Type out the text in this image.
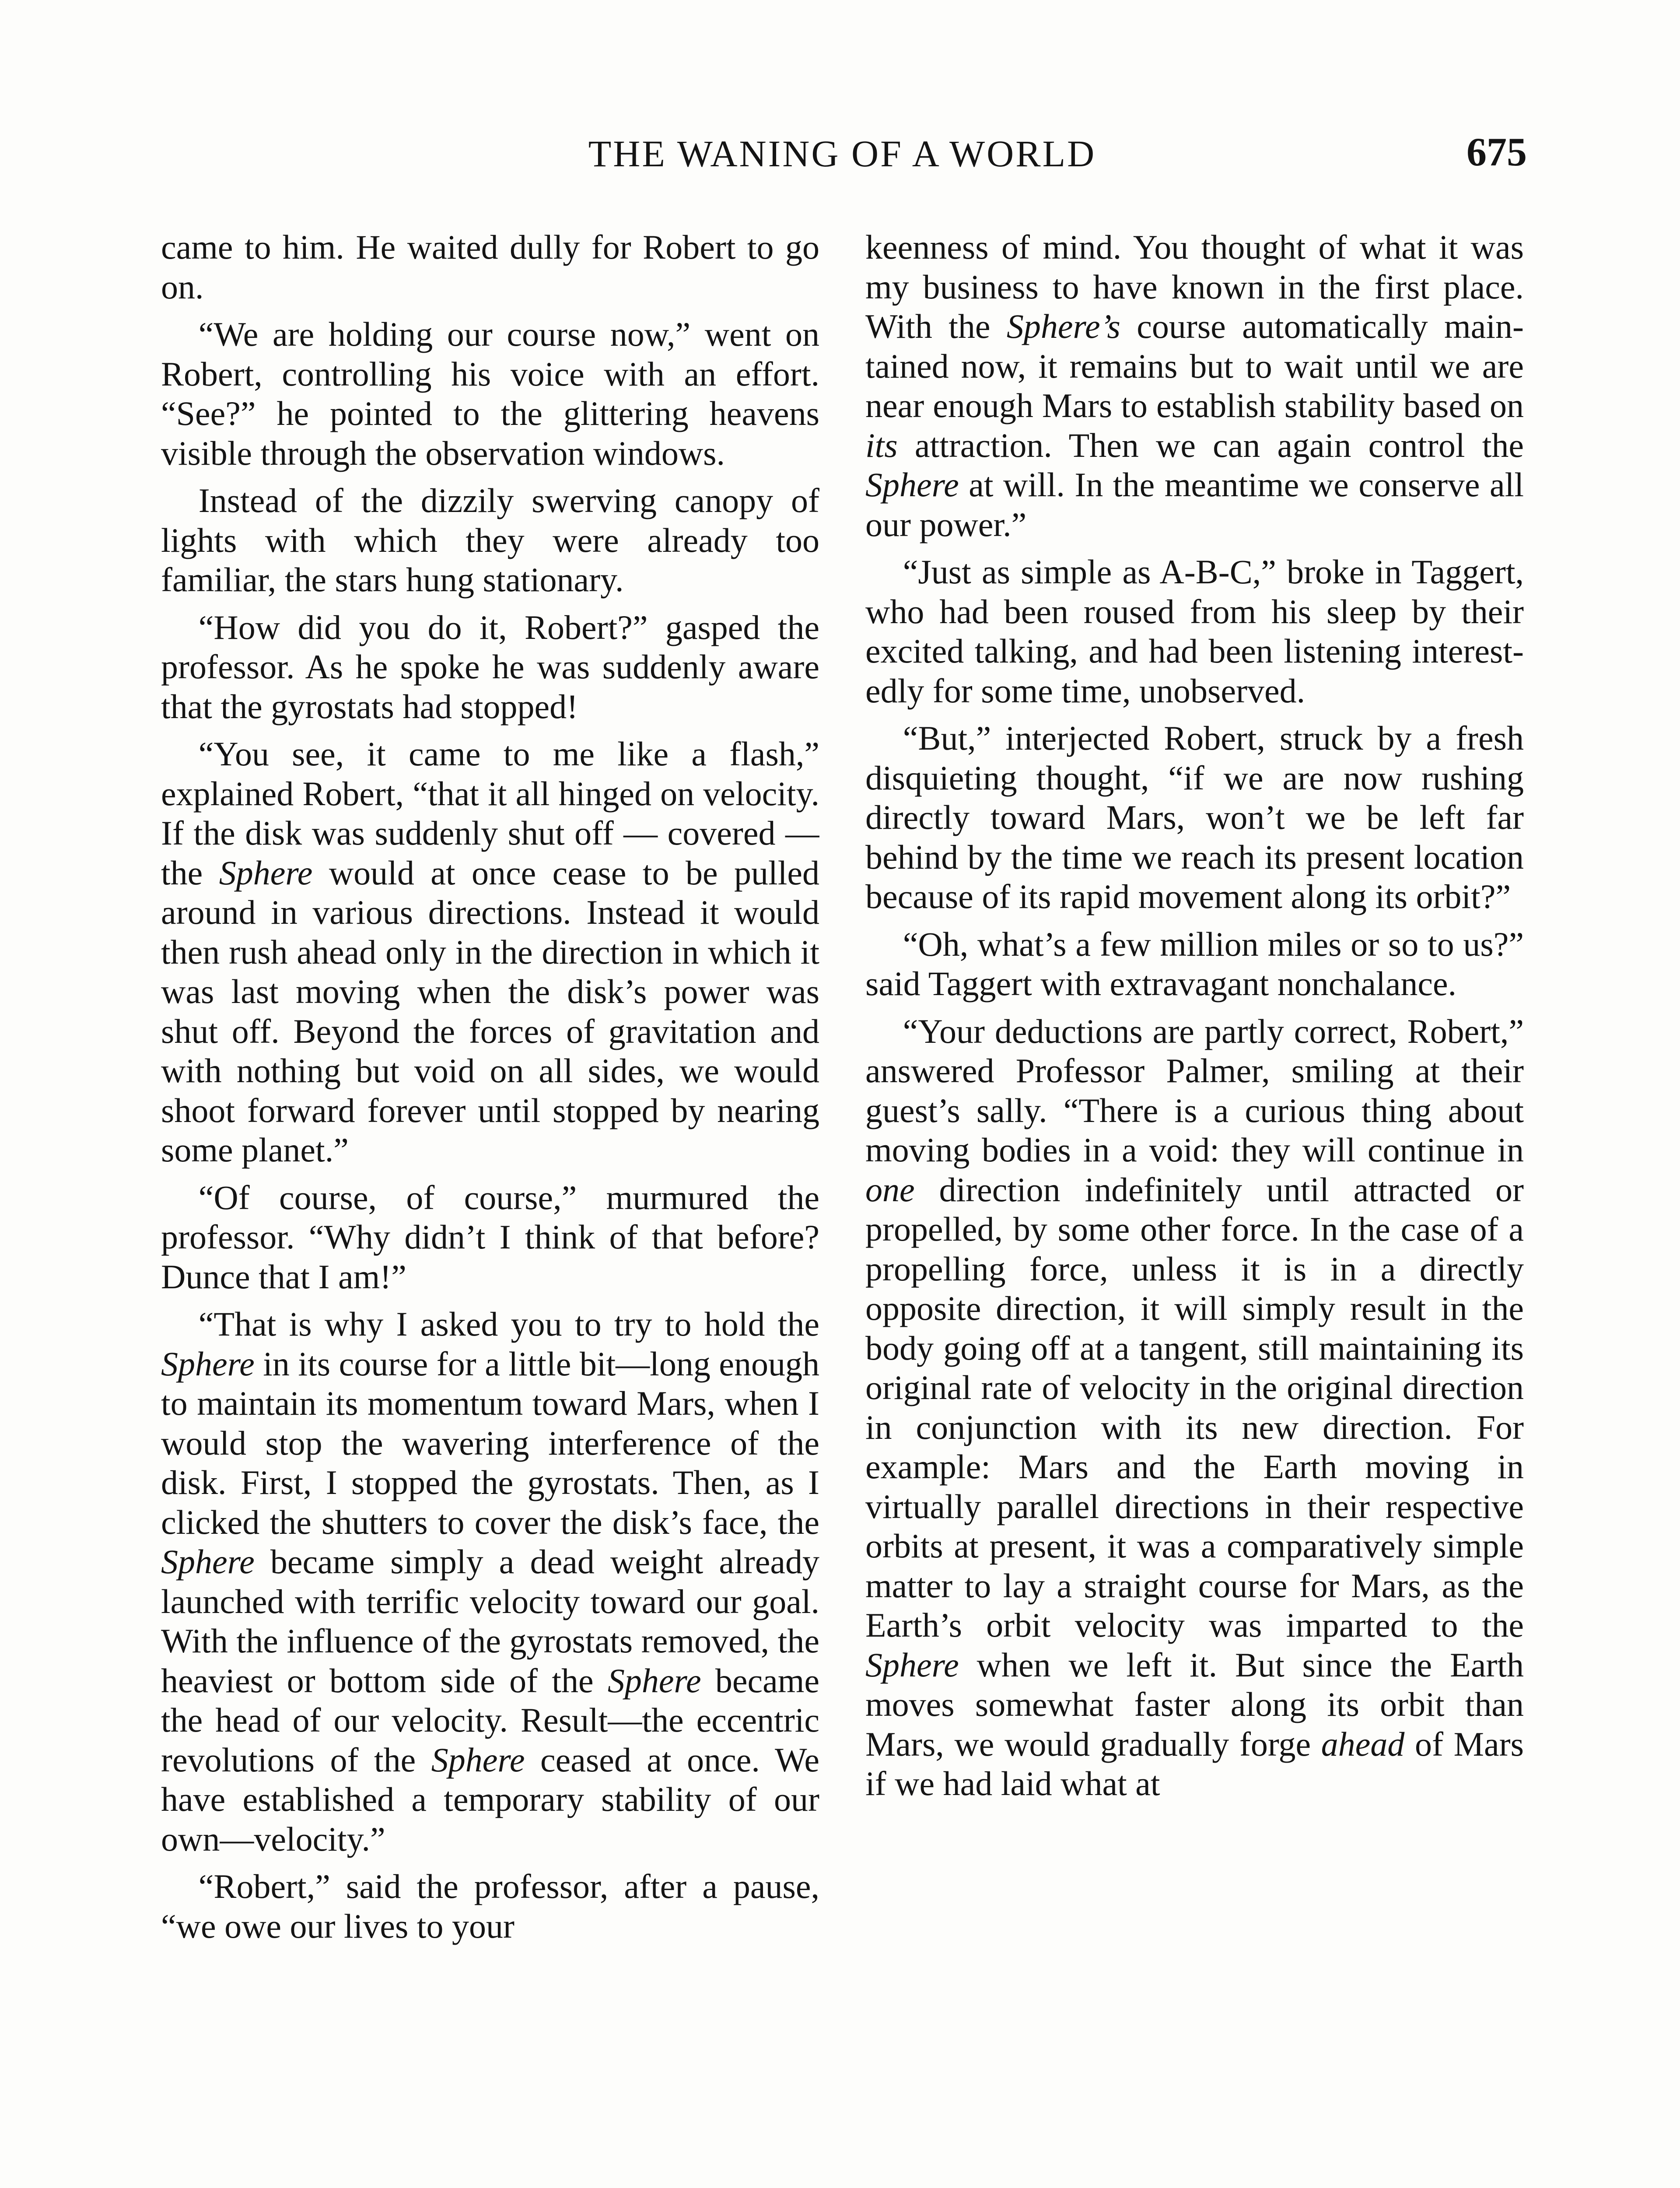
THE WANING OF A WORLD	675

came to him. He waited dully for Robert to go on.

“We are holding our course now,” went on Robert, controlling his voice with an effort. “See?” he pointed to the glittering heavens visible through the observation windows.

Instead of the dizzily swerving canopy of lights with which they were already too familiar, the stars hung stationary.

“How did you do it, Robert?” gasped the professor. As he spoke he was suddenly aware that the gyrostats had stopped!

“You see, it came to me like a flash,” explained Robert, “that it all hinged on velocity. If the disk was suddenly shut off — covered — the Sphere would at once cease to be pulled around in various directions. Instead it would then rush ahead only in the direction in which it was last moving when the disk’s power was shut off. Beyond the forces of gravitation and with nothing but void on all sides, we would shoot forward forever until stopped by nearing some planet.”

“Of course, of course,” murmured the professor. “Why didn’t I think of that before? Dunce that I am!”

“That is why I asked you to try to hold the Sphere in its course for a little bit—long enough to maintain its momentum toward Mars, when I would stop the wavering interference of the disk. First, I stopped the gyrostats. Then, as I clicked the shutters to cover the disk’s face, the Sphere became simply a dead weight already launched with terrific velocity toward our goal. With the influence of the gyrostats removed, the heaviest or bottom side of the Sphere became the head of our velocity. Result—the eccentric revolutions of the Sphere ceased at once. We have established a temporary stability of our own—velocity.”

“Robert,” said the professor, after a pause, “we owe our lives to your

keenness of mind. You thought of what it was my business to have known in the first place. With the Sphere’s course automatically maintained now, it remains but to wait until we are near enough Mars to establish stability based on its attraction. Then we can again control the Sphere at will. In the meantime we conserve all our power.”

“Just as simple as A-B-C,” broke in Taggert, who had been roused from his sleep by their excited talking, and had been listening interestedly for some time, unobserved.

“But,” interjected Robert, struck by a fresh disquieting thought, “if we are now rushing directly toward Mars, won’t we be left far behind by the time we reach its present location because of its rapid movement along its orbit?”

“Oh, what’s a few million miles or so to us?” said Taggert with extravagant nonchalance.

“Your deductions are partly correct, Robert,” answered Professor Palmer, smiling at their guest’s sally. “There is a curious thing about moving bodies in a void: they will continue in one direction indefinitely until attracted or propelled, by some other force. In the case of a propelling force, unless it is in a directly opposite direction, it will simply result in the body going off at a tangent, still maintaining its original rate of velocity in the original direction in conjunction with its new direction. For example: Mars and the Earth moving in virtually parallel directions in their respective orbits at present, it was a comparatively simple matter to lay a straight course for Mars, as the Earth’s orbit velocity was imparted to the Sphere when we left it. But since the Earth moves somewhat faster along its orbit than Mars, we would gradually forge ahead of Mars if we had laid what at
